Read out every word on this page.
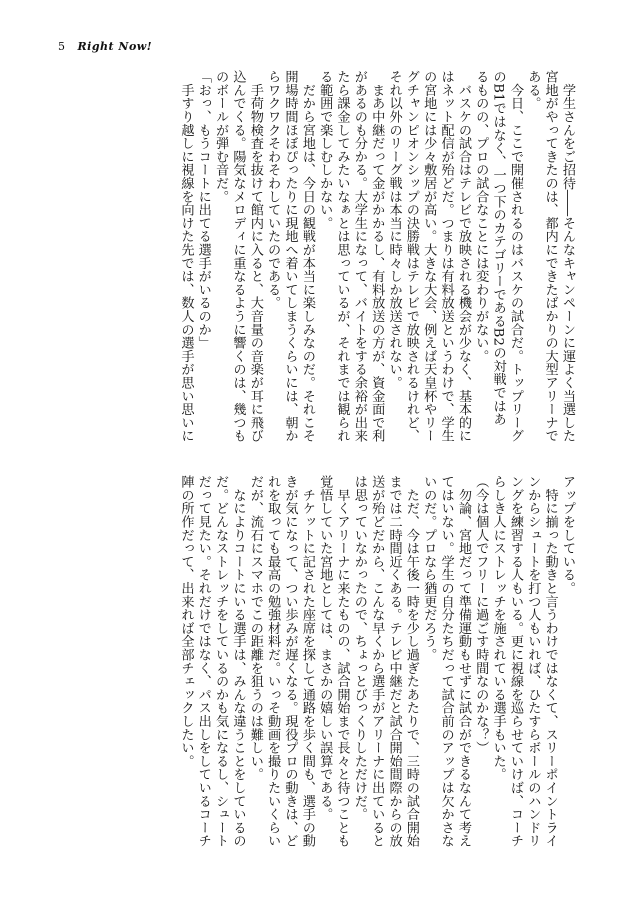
5 Right Now!
　学生さんをご招待――そんなキャンペーンに運よく当選した
宮地がやってきたのは、都内にできたばかりの大型アリーナで
ある。
　今日、ここで開催されるのはバスケの試合だ。トップリーグ
のB1ではなく、一つ下のカテゴリーであるB2の対戦ではあ
るものの、プロの試合なことには変わりがない。
　バスケの試合はテレビで放映される機会が少なく、基本的に
はネット配信が殆どだ。つまりは有料放送というわけで、学生
の宮地には少々敷居が高い。大きな大会、例えば天皇杯やリー
グチャンピオンシップの決勝戦はテレビで放映されるけれど、
それ以外のリーグ戦は本当に時々しか放送されない。
　まあ中継だって金がかかるし、有料放送の方が、資金面で利
があるのも分かる。大学生になって、バイトをする余裕が出来
たら課金してみたいなぁとは思っているが、それまでは観られ
る範囲で楽しむしかない。
　だから宮地は、今日の観戦が本当に楽しみなのだ。それこそ
開場時間ほぼぴったりに現地へ着いてしまうくらいには、朝か
らワクワクそわそわしていたのである。
　手荷物検査を抜けて館内に入ると、大音量の音楽が耳に飛び
込んでくる。陽気なメロディに重なるように響くのは、幾つも
のボールが弾む音だ。
「おっ、もうコートに出てる選手がいるのか」
　手すり越しに視線を向けた先では、数人の選手が思い思いに
アップをしている。
　特に揃った動きと言うわけではなくて、スリーポイントライ
ンからシュートを打つ人もいれば、ひたすらボールのハンドリ
ングを練習する人もいる。更に視線を巡らせていけば、コーチ
らしき人にストレッチを施されている選手もいた。
（今は個人でフリーに過ごす時間なのかな？）
　勿論、宮地だって準備運動もせずに試合ができるなんて考え
てはいない。学生の自分たちだって試合前のアップは欠かさな
いのだ。プロなら猶更だろう。
　ただ、今は午後一時を少し過ぎたあたりで、三時の試合開始
までは二時間近くある。テレビ中継だと試合開始間際からの放
送が殆どだから、こんな早くから選手がアリーナに出ていると
は思っていなかったので、ちょっとびっくりしただけだ。
　早くアリーナに来たものの、試合開始まで長々と待つことも
覚悟していた宮地としては、まさかの嬉しい誤算である。
　チケットに記された座席を探して通路を歩く間も、選手の動
きが気になって、つい歩みが遅くなる。現役プロの動きは、ど
れを取っても最高の勉強材料だ。いっそ動画を撮りたいくらい
だが、流石にスマホでこの距離を狙うのは難しい。
　なによりコートにいる選手は、みんな違うことをしているの
だ。どんなストレッチをしているのかも気になるし、シュート
だって見たい。それだけではなく、パス出しをしているコーチ
陣の所作だって、出来れば全部チェックしたい。
